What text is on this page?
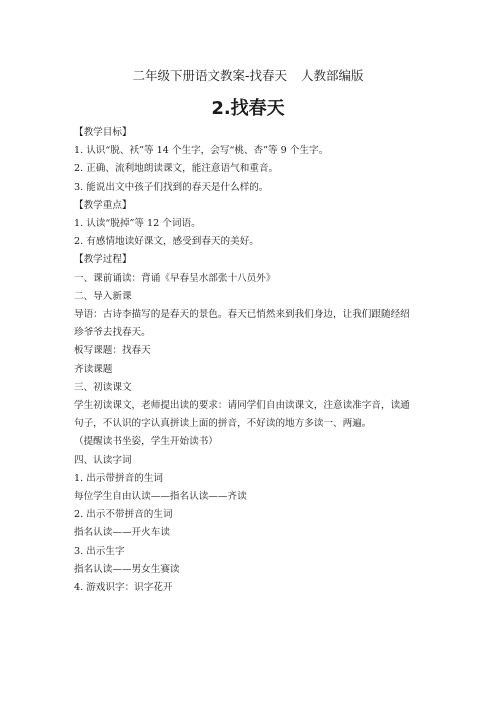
二年级下册语文教案-找春天 人教部编版
2.找春天

【教学目标】

1. 认识“脱、袄”等 14 个生字，会写“桃、杏”等 9 个生字。

2. 正确、流利地朗读课文，能注意语气和重音。

3. 能说出文中孩子们找到的春天是什么样的。

【教学重点】

1. 认读“脱掉”等 12 个词语。

2. 有感情地读好课文，感受到春天的美好。

【教学过程】

一、课前诵读：背诵《早春呈水部张十八员外》

二、导入新课

导语：古诗李描写的是春天的景色。春天已悄然来到我们身边，让我们跟随经绍

珍爷爷去找春天。

板写课题：找春天

齐读课题

三、初读课文

学生初读课文，老师提出读的要求：请同学们自由读课文，注意读准字音，读通

句子，不认识的字认真拼读上面的拼音，不好读的地方多读一、两遍。

（提醒读书坐姿，学生开始读书）

四、认读字词

1. 出示带拼音的生词

每位学生自由认读——指名认读——齐读

2. 出示不带拼音的生词

指名认读——开火车读

3. 出示生字

指名认读——男女生赛读

4. 游戏识字：识字花开
